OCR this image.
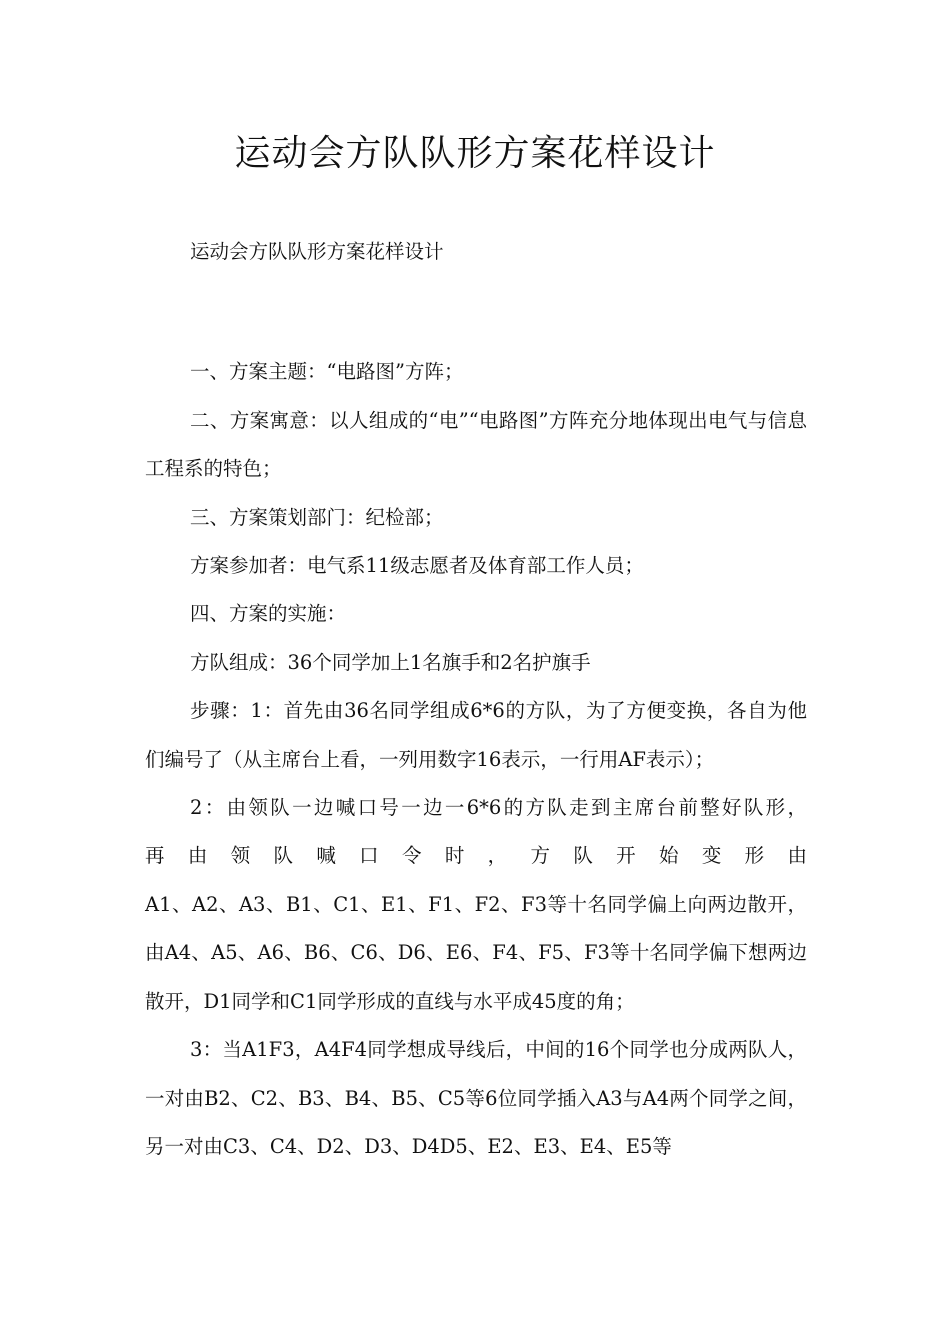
运动会方队队形方案花样设计

运动会方队队形方案花样设计

一、方案主题：“电路图”方阵；

二、方案寓意：以人组成的“电”“电路图”方阵充分地体现出电气与信息工程系的特色；

三、方案策划部门：纪检部；

方案参加者：电气系11级志愿者及体育部工作人员；

四、方案的实施：

方队组成：36个同学加上1名旗手和2名护旗手

步骤：1：首先由36名同学组成6*6的方队，为了方便变换，各自为他们编号了（从主席台上看，一列用数字16表示，一行用AF表示）；

2：由领队一边喊口号一边一6*6的方队走到主席台前整好队形，

再 由 领 队 喊 口 令 时 ， 方 队 开 始 变 形 由

A1、A2、A3、B1、C1、E1、F1、F2、F3等十名同学偏上向两边散开，由A4、A5、A6、B6、C6、D6、E6、F4、F5、F3等十名同学偏下想两边散开，D1同学和C1同学形成的直线与水平成45度的角；

3：当A1F3，A4F4同学想成导线后，中间的16个同学也分成两队人，一对由B2、C2、B3、B4、B5、C5等6位同学插入A3与A4两个同学之间，另一对由C3、C4、D2、D3、D4D5、E2、E3、E4、E5等
